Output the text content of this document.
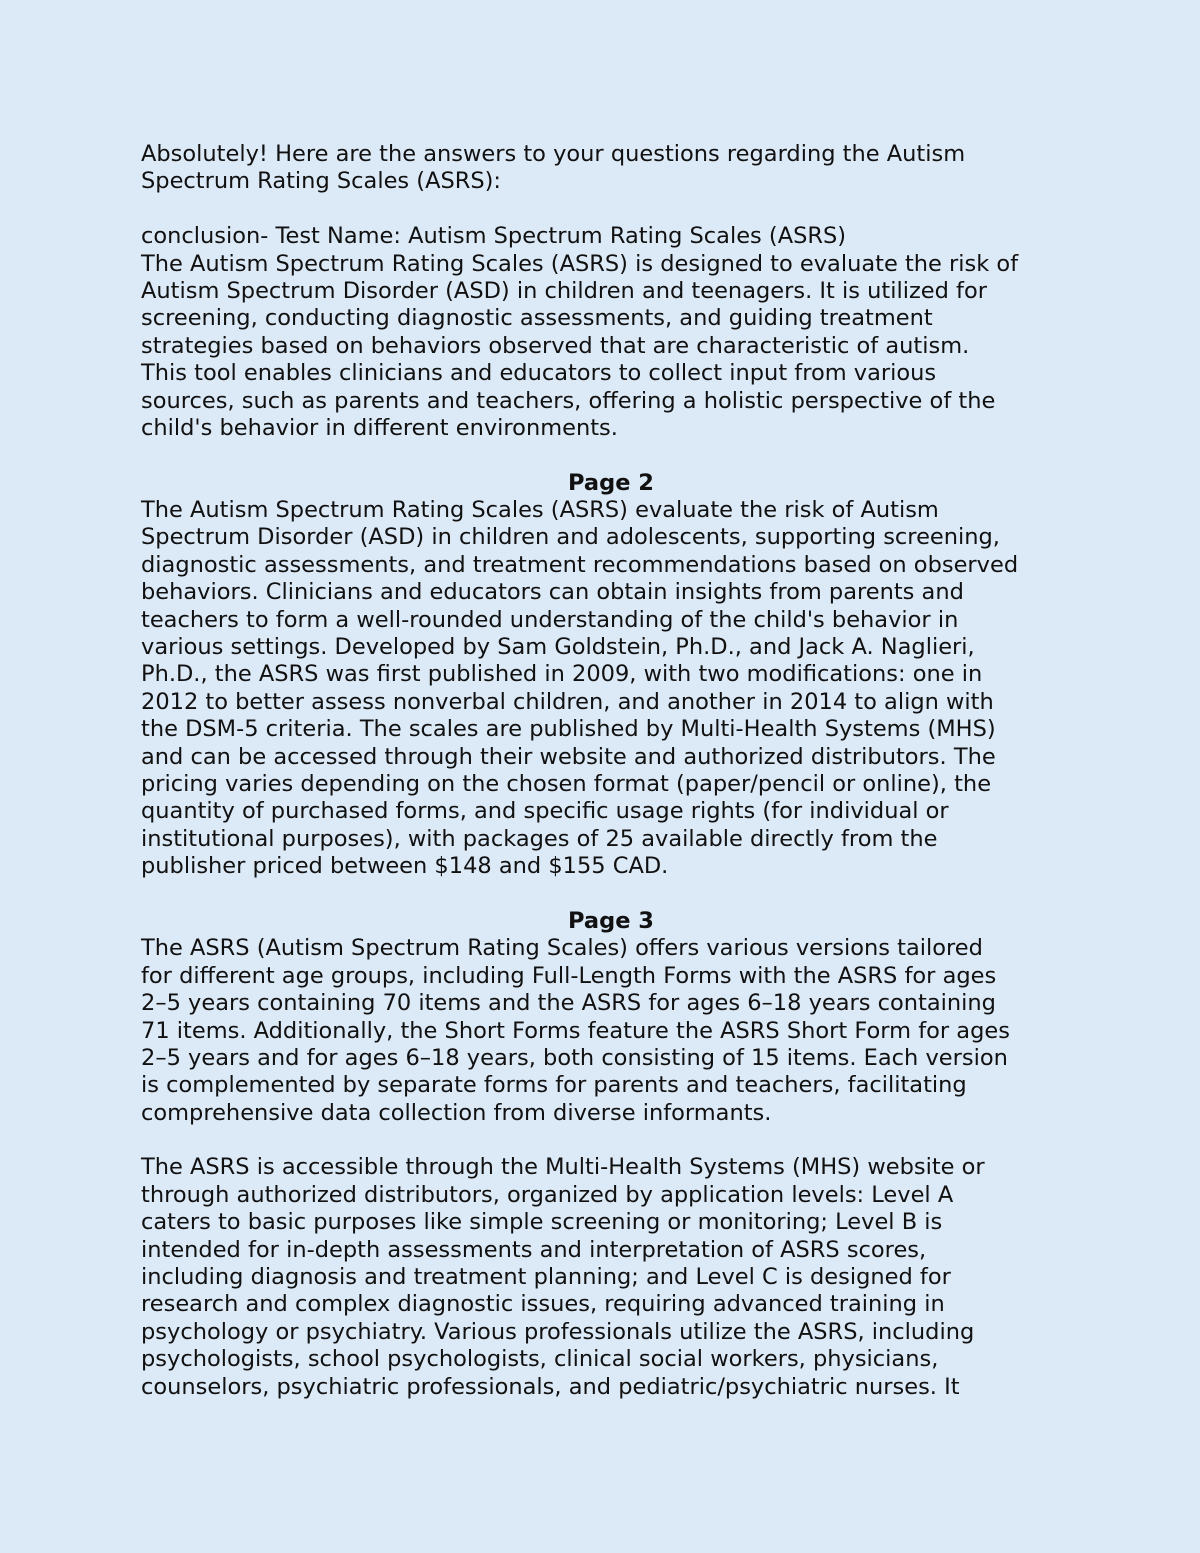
Absolutely! Here are the answers to your questions regarding the Autism
Spectrum Rating Scales (ASRS):
conclusion- Test Name: Autism Spectrum Rating Scales (ASRS)
The Autism Spectrum Rating Scales (ASRS) is designed to evaluate the risk of
Autism Spectrum Disorder (ASD) in children and teenagers. It is utilized for
screening, conducting diagnostic assessments, and guiding treatment
strategies based on behaviors observed that are characteristic of autism.
This tool enables clinicians and educators to collect input from various
sources, such as parents and teachers, offering a holistic perspective of the
child's behavior in different environments.
Page 2
The Autism Spectrum Rating Scales (ASRS) evaluate the risk of Autism
Spectrum Disorder (ASD) in children and adolescents, supporting screening,
diagnostic assessments, and treatment recommendations based on observed
behaviors. Clinicians and educators can obtain insights from parents and
teachers to form a well-rounded understanding of the child's behavior in
various settings. Developed by Sam Goldstein, Ph.D., and Jack A. Naglieri,
Ph.D., the ASRS was first published in 2009, with two modifications: one in
2012 to better assess nonverbal children, and another in 2014 to align with
the DSM-5 criteria. The scales are published by Multi-Health Systems (MHS)
and can be accessed through their website and authorized distributors. The
pricing varies depending on the chosen format (paper/pencil or online), the
quantity of purchased forms, and specific usage rights (for individual or
institutional purposes), with packages of 25 available directly from the
publisher priced between $148 and $155 CAD.
Page 3
The ASRS (Autism Spectrum Rating Scales) offers various versions tailored
for different age groups, including Full-Length Forms with the ASRS for ages
2–5 years containing 70 items and the ASRS for ages 6–18 years containing
71 items. Additionally, the Short Forms feature the ASRS Short Form for ages
2–5 years and for ages 6–18 years, both consisting of 15 items. Each version
is complemented by separate forms for parents and teachers, facilitating
comprehensive data collection from diverse informants.
The ASRS is accessible through the Multi-Health Systems (MHS) website or
through authorized distributors, organized by application levels: Level A
caters to basic purposes like simple screening or monitoring; Level B is
intended for in-depth assessments and interpretation of ASRS scores,
including diagnosis and treatment planning; and Level C is designed for
research and complex diagnostic issues, requiring advanced training in
psychology or psychiatry. Various professionals utilize the ASRS, including
psychologists, school psychologists, clinical social workers, physicians,
counselors, psychiatric professionals, and pediatric/psychiatric nurses. It
